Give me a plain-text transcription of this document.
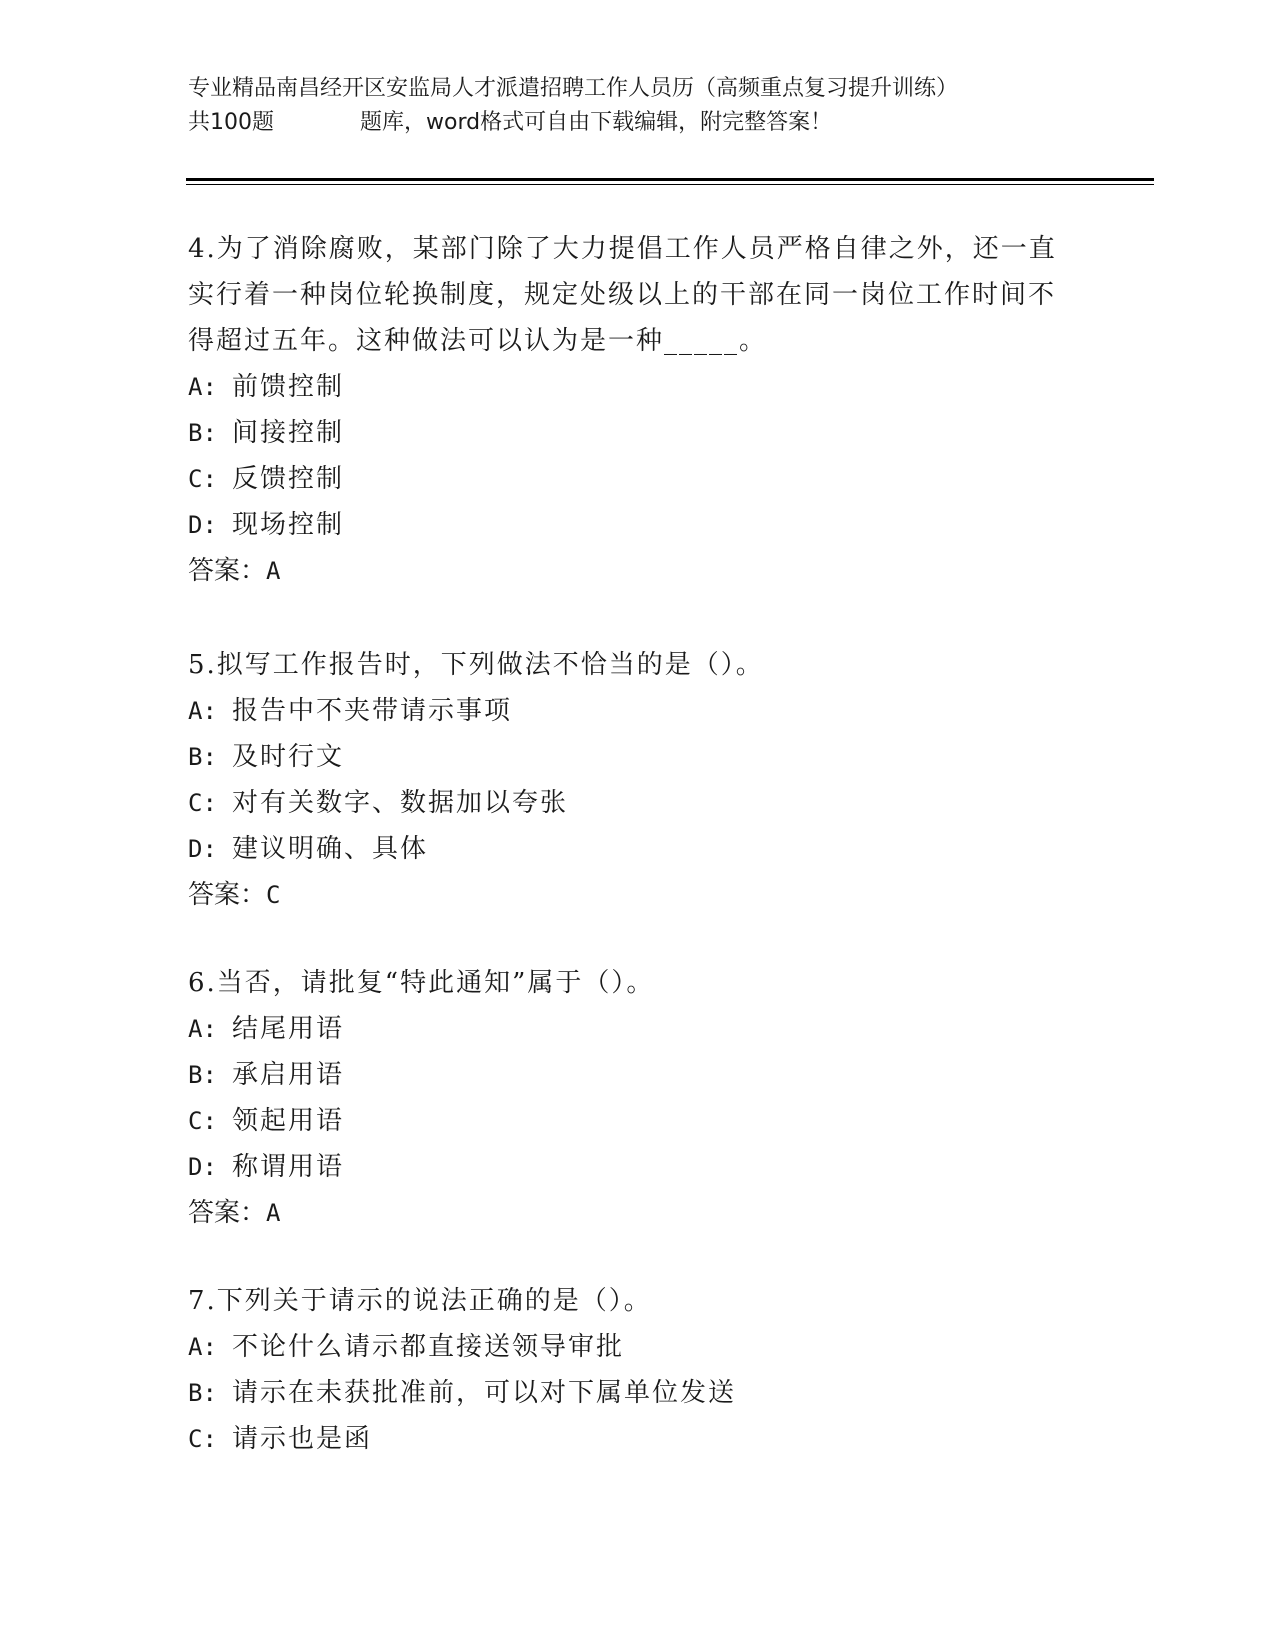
专业精品南昌经开区安监局人才派遣招聘工作人员历（高频重点复习提升训练）
共100题	题库，word格式可自由下载编辑，附完整答案！
4.为了消除腐败，某部门除了大力提倡工作人员严格自律之外，还一直实行着一种岗位轮换制度，规定处级以上的干部在同一岗位工作时间不得超过五年。这种做法可以认为是一种_____。
A: 前馈控制
B: 间接控制
C: 反馈控制
D: 现场控制
答案：A
5.拟写工作报告时，下列做法不恰当的是（）。
A: 报告中不夹带请示事项
B: 及时行文
C: 对有关数字、数据加以夸张
D: 建议明确、具体
答案：C
6.当否，请批复“特此通知”属于（）。
A: 结尾用语
B: 承启用语
C: 领起用语
D: 称谓用语
答案：A
7.下列关于请示的说法正确的是（）。
A: 不论什么请示都直接送领导审批
B: 请示在未获批准前，可以对下属单位发送
C: 请示也是函
